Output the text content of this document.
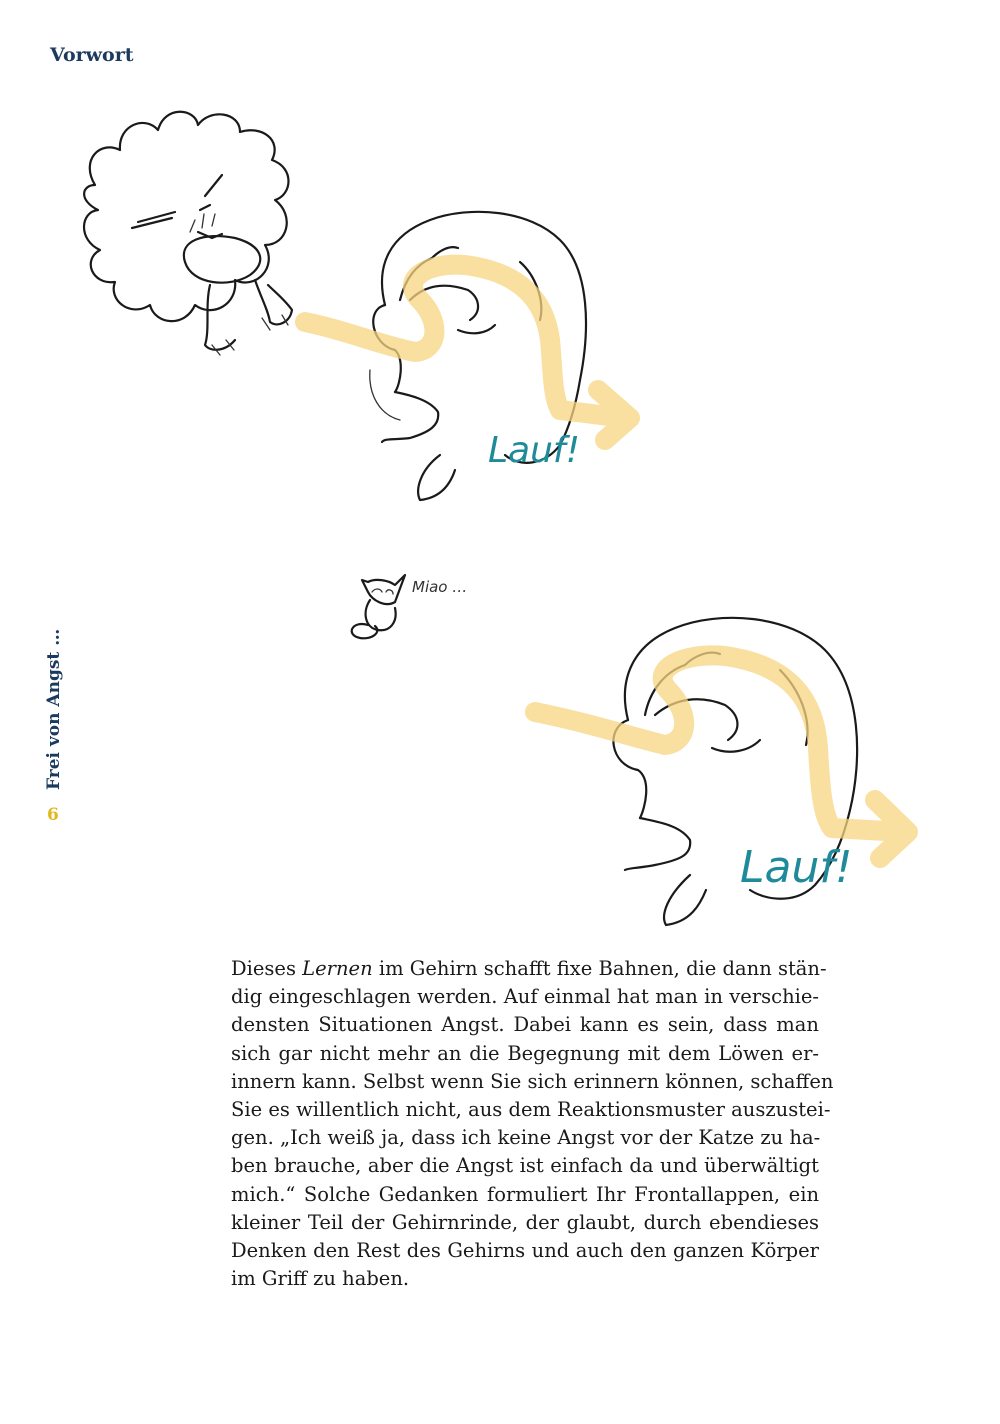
Vorwort
Frei von Angst …
6
Lauf!
Miao …
Lauf!
Dieses Lernen im Gehirn schafft fixe Bahnen, die dann stän-
dig eingeschlagen werden. Auf einmal hat man in verschie-
densten Situationen Angst. Dabei kann es sein, dass man
sich gar nicht mehr an die Begegnung mit dem Löwen er-
innern kann. Selbst wenn Sie sich erinnern können, schaffen
Sie es willentlich nicht, aus dem Reaktionsmuster auszustei-
gen. „Ich weiß ja, dass ich keine Angst vor der Katze zu ha-
ben brauche, aber die Angst ist einfach da und überwältigt
mich.“ Solche Gedanken formuliert Ihr Frontallappen, ein
kleiner Teil der Gehirnrinde, der glaubt, durch ebendieses
Denken den Rest des Gehirns und auch den ganzen Körper
im Griff zu haben.
